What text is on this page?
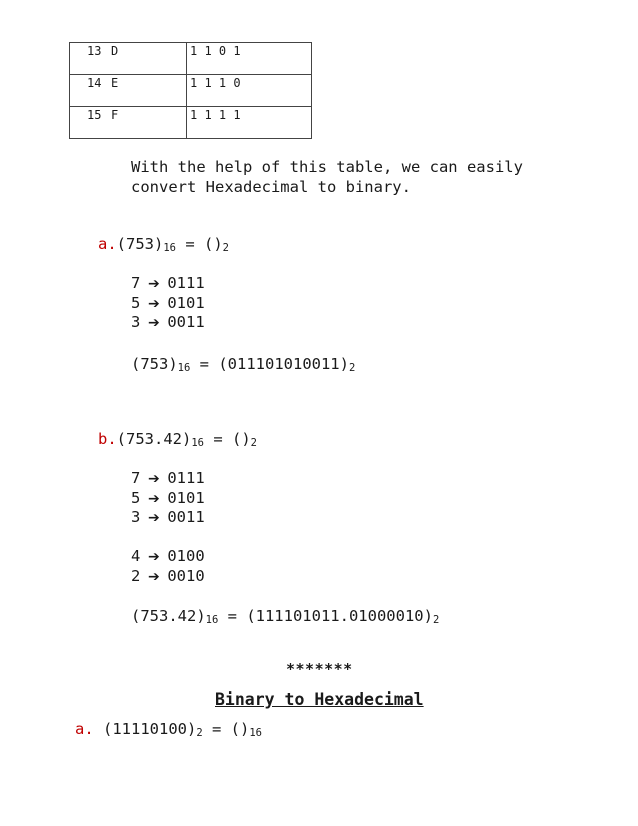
13 D	1 1 0 1
14 E	1 1 1 0
15 F	1 1 1 1
With the help of this table, we can easily
convert Hexadecimal to binary.
$a.(753)_{16} = ()_2$
7 ➔ 0111
5 ➔ 0101
3 ➔ 0011
$(753)_{16} = (011101010011)_2$
$b.(753.42)_{16} = ()_2$
7 ➔ 0111
5 ➔ 0101
3 ➔ 0011
4 ➔ 0100
2 ➔ 0010
$(753.42)_{16} = (111101011.01000010)_2$
*******
Binary to Hexadecimal
a. $(11110100)_2 = ()_{16}$
